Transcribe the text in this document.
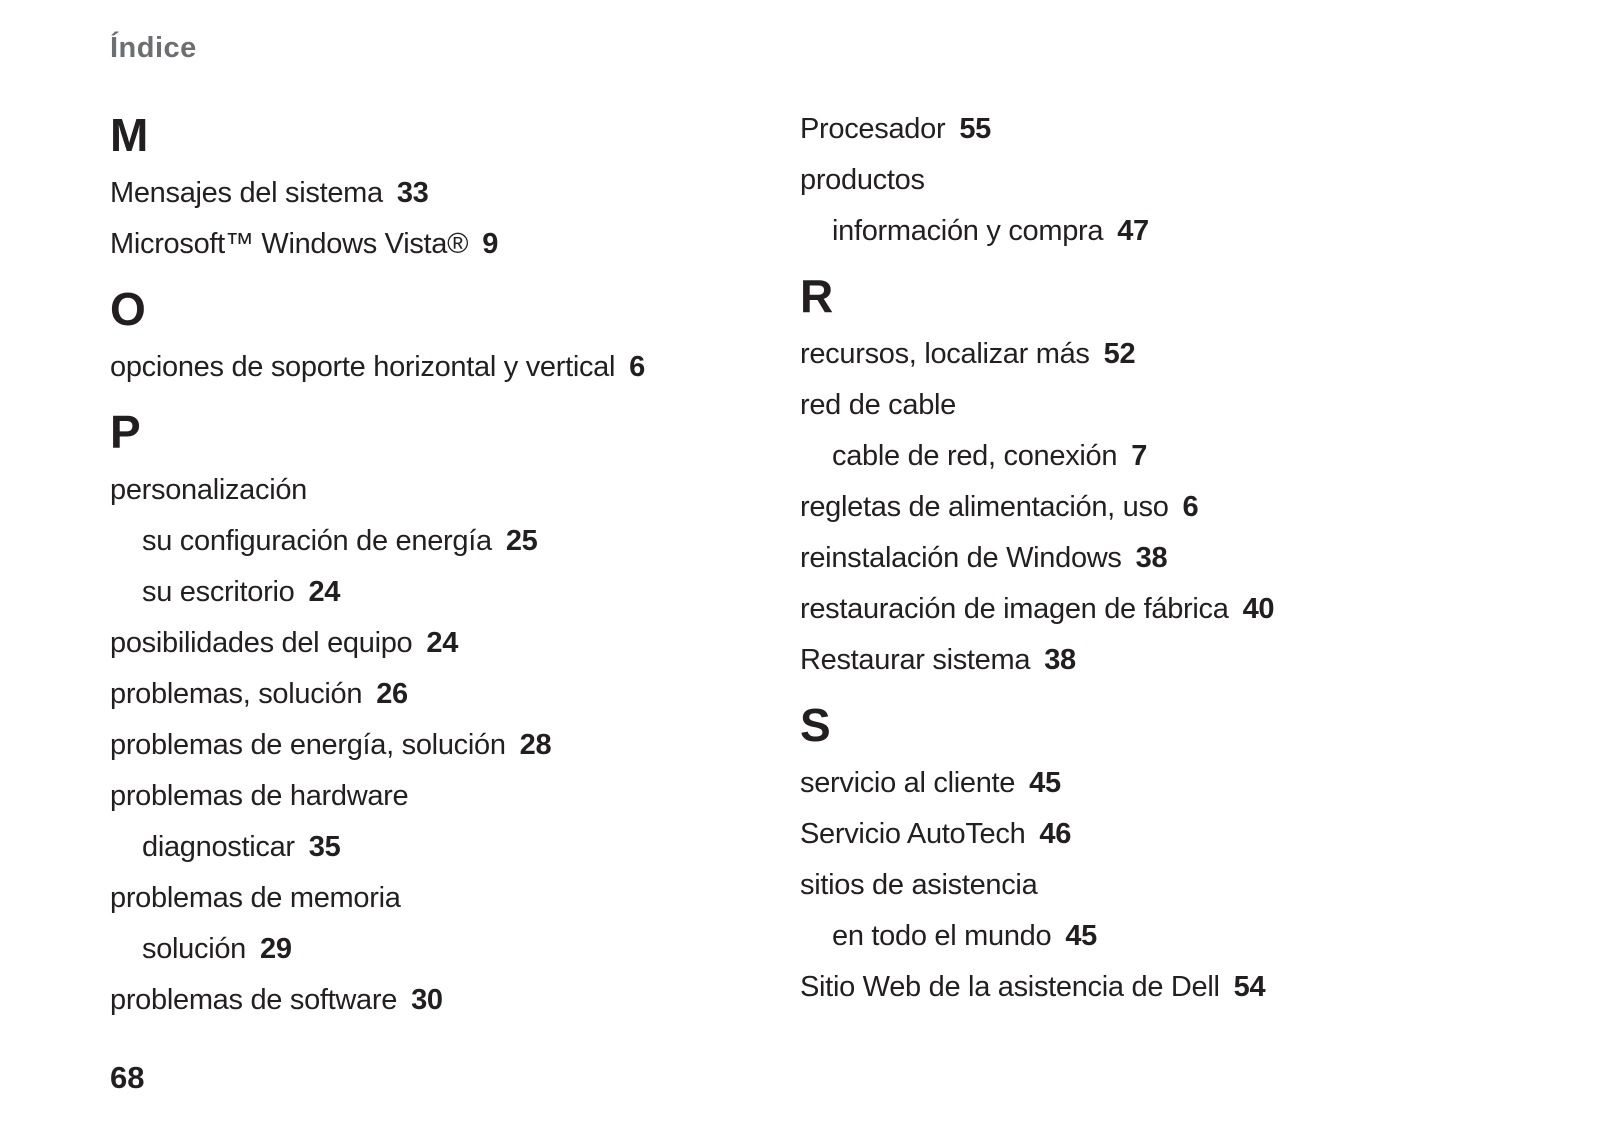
Índice
M
Mensajes del sistema 33
Microsoft™ Windows Vista® 9
O
opciones de soporte horizontal y vertical 6
P
personalización
su configuración de energía 25
su escritorio 24
posibilidades del equipo 24
problemas, solución 26
problemas de energía, solución 28
problemas de hardware
diagnosticar 35
problemas de memoria
solución 29
problemas de software 30
Procesador 55
productos
información y compra 47
R
recursos, localizar más 52
red de cable
cable de red, conexión 7
regletas de alimentación, uso 6
reinstalación de Windows 38
restauración de imagen de fábrica 40
Restaurar sistema 38
S
servicio al cliente 45
Servicio AutoTech 46
sitios de asistencia
en todo el mundo 45
Sitio Web de la asistencia de Dell 54
68
